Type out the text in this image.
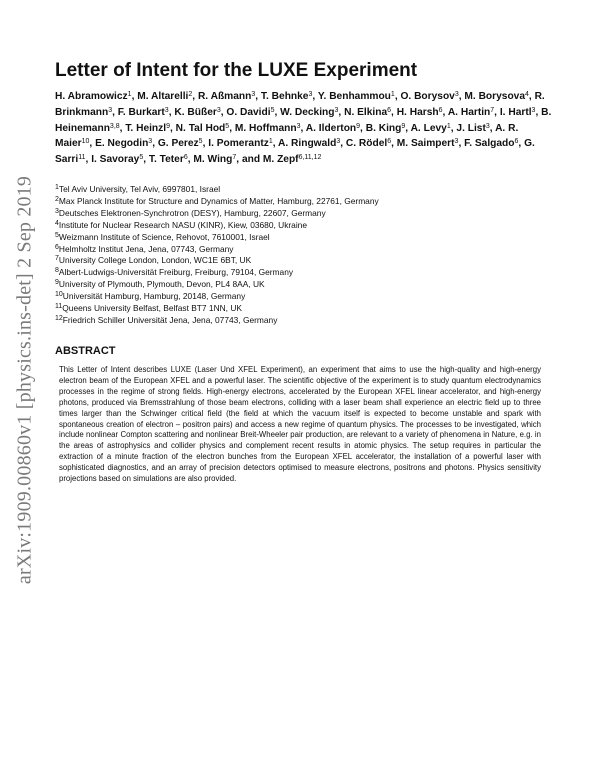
arXiv:1909.00860v1 [physics.ins-det] 2 Sep 2019
Letter of Intent for the LUXE Experiment
H. Abramowicz$^1$, M. Altarelli$^2$, R. Aßmann$^3$, T. Behnke$^3$, Y. Benhammou$^1$, O. Borysov$^3$, M. Borysova$^4$, R. Brinkmann$^3$, F. Burkart$^3$, K. Büßer$^3$, O. Davidi$^5$, W. Decking$^3$, N. Elkina$^6$, H. Harsh$^6$, A. Hartin$^7$, I. Hartl$^3$, B. Heinemann$^{3,8}$, T. Heinzl$^9$, N. Tal Hod$^5$, M. Hoffmann$^3$, A. Ilderton$^9$, B. King$^9$, A. Levy$^1$, J. List$^3$, A. R. Maier$^{10}$, E. Negodin$^3$, G. Perez$^5$, I. Pomerantz$^1$, A. Ringwald$^3$, C. Rödel$^6$, M. Saimpert$^3$, F. Salgado$^6$, G. Sarri$^{11}$, I. Savoray$^5$, T. Teter$^6$, M. Wing$^7$, and M. Zepf$^{6,11,12}$
$^1$Tel Aviv University, Tel Aviv, 6997801, Israel
$^2$Max Planck Institute for Structure and Dynamics of Matter, Hamburg, 22761, Germany
$^3$Deutsches Elektronen-Synchrotron (DESY), Hamburg, 22607, Germany
$^4$Institute for Nuclear Research NASU (KINR), Kiew, 03680, Ukraine
$^5$Weizmann Institute of Science, Rehovot, 7610001, Israel
$^6$Helmholtz Institut Jena, Jena, 07743, Germany
$^7$University College London, London, WC1E 6BT, UK
$^8$Albert-Ludwigs-Universität Freiburg, Freiburg, 79104, Germany
$^9$University of Plymouth, Plymouth, Devon, PL4 8AA, UK
$^{10}$Universität Hamburg, Hamburg, 20148, Germany
$^{11}$Queens University Belfast, Belfast BT7 1NN, UK
$^{12}$Friedrich Schiller Universität Jena, Jena, 07743, Germany
ABSTRACT

This Letter of Intent describes LUXE (Laser Und XFEL Experiment), an experiment that aims to use the high-quality and high-energy electron beam of the European XFEL and a powerful laser. The scientific objective of the experiment is to study quantum electrodynamics processes in the regime of strong fields. High-energy electrons, accelerated by the European XFEL linear accelerator, and high-energy photons, produced via Bremsstrahlung of those beam electrons, colliding with a laser beam shall experience an electric field up to three times larger than the Schwinger critical field (the field at which the vacuum itself is expected to become unstable and spark with spontaneous creation of electron – positron pairs) and access a new regime of quantum physics. The processes to be investigated, which include nonlinear Compton scattering and nonlinear Breit-Wheeler pair production, are relevant to a variety of phenomena in Nature, e.g. in the areas of astrophysics and collider physics and complement recent results in atomic physics. The setup requires in particular the extraction of a minute fraction of the electron bunches from the European XFEL accelerator, the installation of a powerful laser with sophisticated diagnostics, and an array of precision detectors optimised to measure electrons, positrons and photons. Physics sensitivity projections based on simulations are also provided.
